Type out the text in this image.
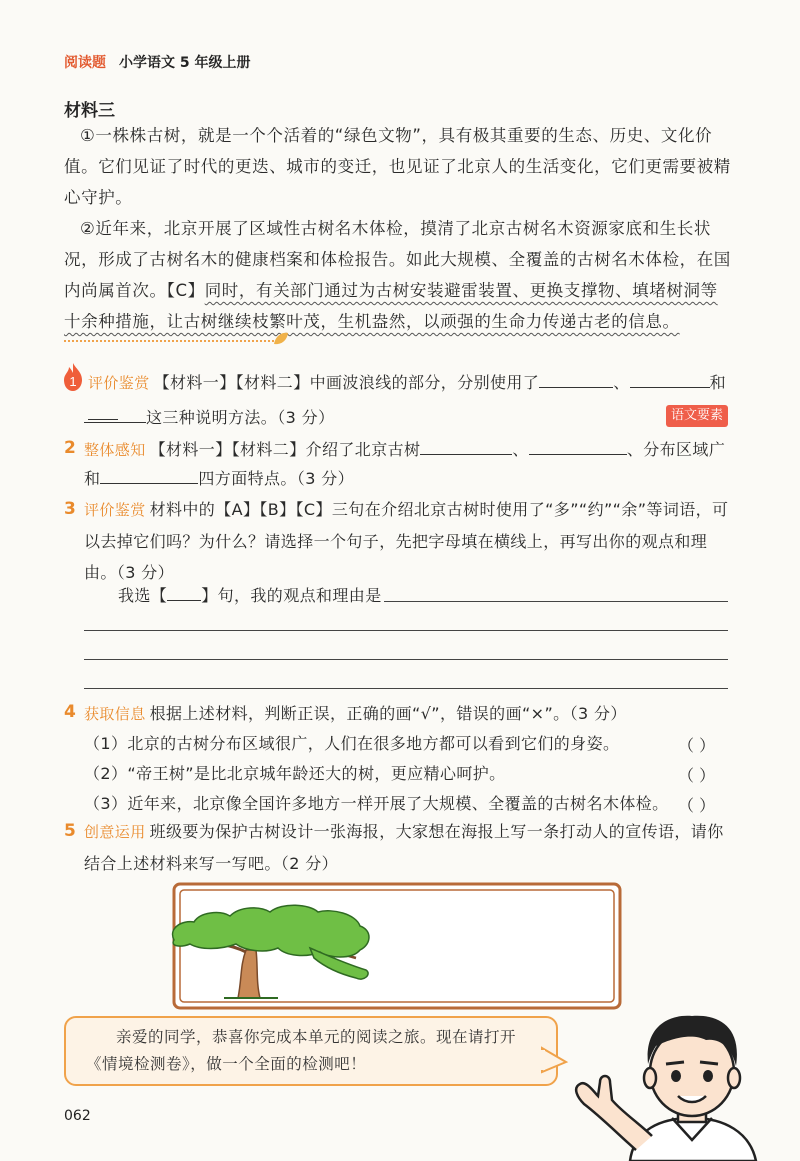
阅读题 小学语文 5 年级上册
材料三
①一株株古树，就是一个个活着的“绿色文物”，具有极其重要的生态、历史、文化价值。它们见证了时代的更迭、城市的变迁，也见证了北京人的生活变化，它们更需要被精心守护。
②近年来，北京开展了区域性古树名木体检，摸清了北京古树名木资源家底和生长状况，形成了古树名木的健康档案和体检报告。如此大规模、全覆盖的古树名木体检，在国内尚属首次。【C】同时，有关部门通过为古树安装避雷装置、更换支撑物、填堵树洞等十余种措施，让古树继续枝繁叶茂，生机盎然，以顽强的生命力传递古老的信息。
1 评价鉴赏 【材料一】【材料二】中画波浪线的部分，分别使用了	、	和
这三种说明方法。（3 分）	语文要素
2 整体感知 【材料一】【材料二】介绍了北京古树	、	、分布区域广
和	四方面特点。（3 分）
3 评价鉴赏 材料中的【A】【B】【C】三句在介绍北京古树时使用了“多”“约”“余”等词语，可以去掉它们吗？为什么？请选择一个句子，先把字母填在横线上，再写出你的观点和理由。（3 分）
我选【 】句，我的观点和理由是
4 获取信息 根据上述材料，判断正误，正确的画“√”，错误的画“×”。（3 分）
（1）北京的古树分布区域很广，人们在很多地方都可以看到它们的身姿。	（ ）
（2）“帝王树”是比北京城年龄还大的树，更应精心呵护。	（ ）
（3）近年来，北京像全国许多地方一样开展了大规模、全覆盖的古树名木体检。 （ ）
5 创意运用 班级要为保护古树设计一张海报，大家想在海报上写一条打动人的宣传语，请你结合上述材料来写一写吧。（2 分）
亲爱的同学，恭喜你完成本单元的阅读之旅。现在请打开《情境检测卷》，做一个全面的检测吧！
062
